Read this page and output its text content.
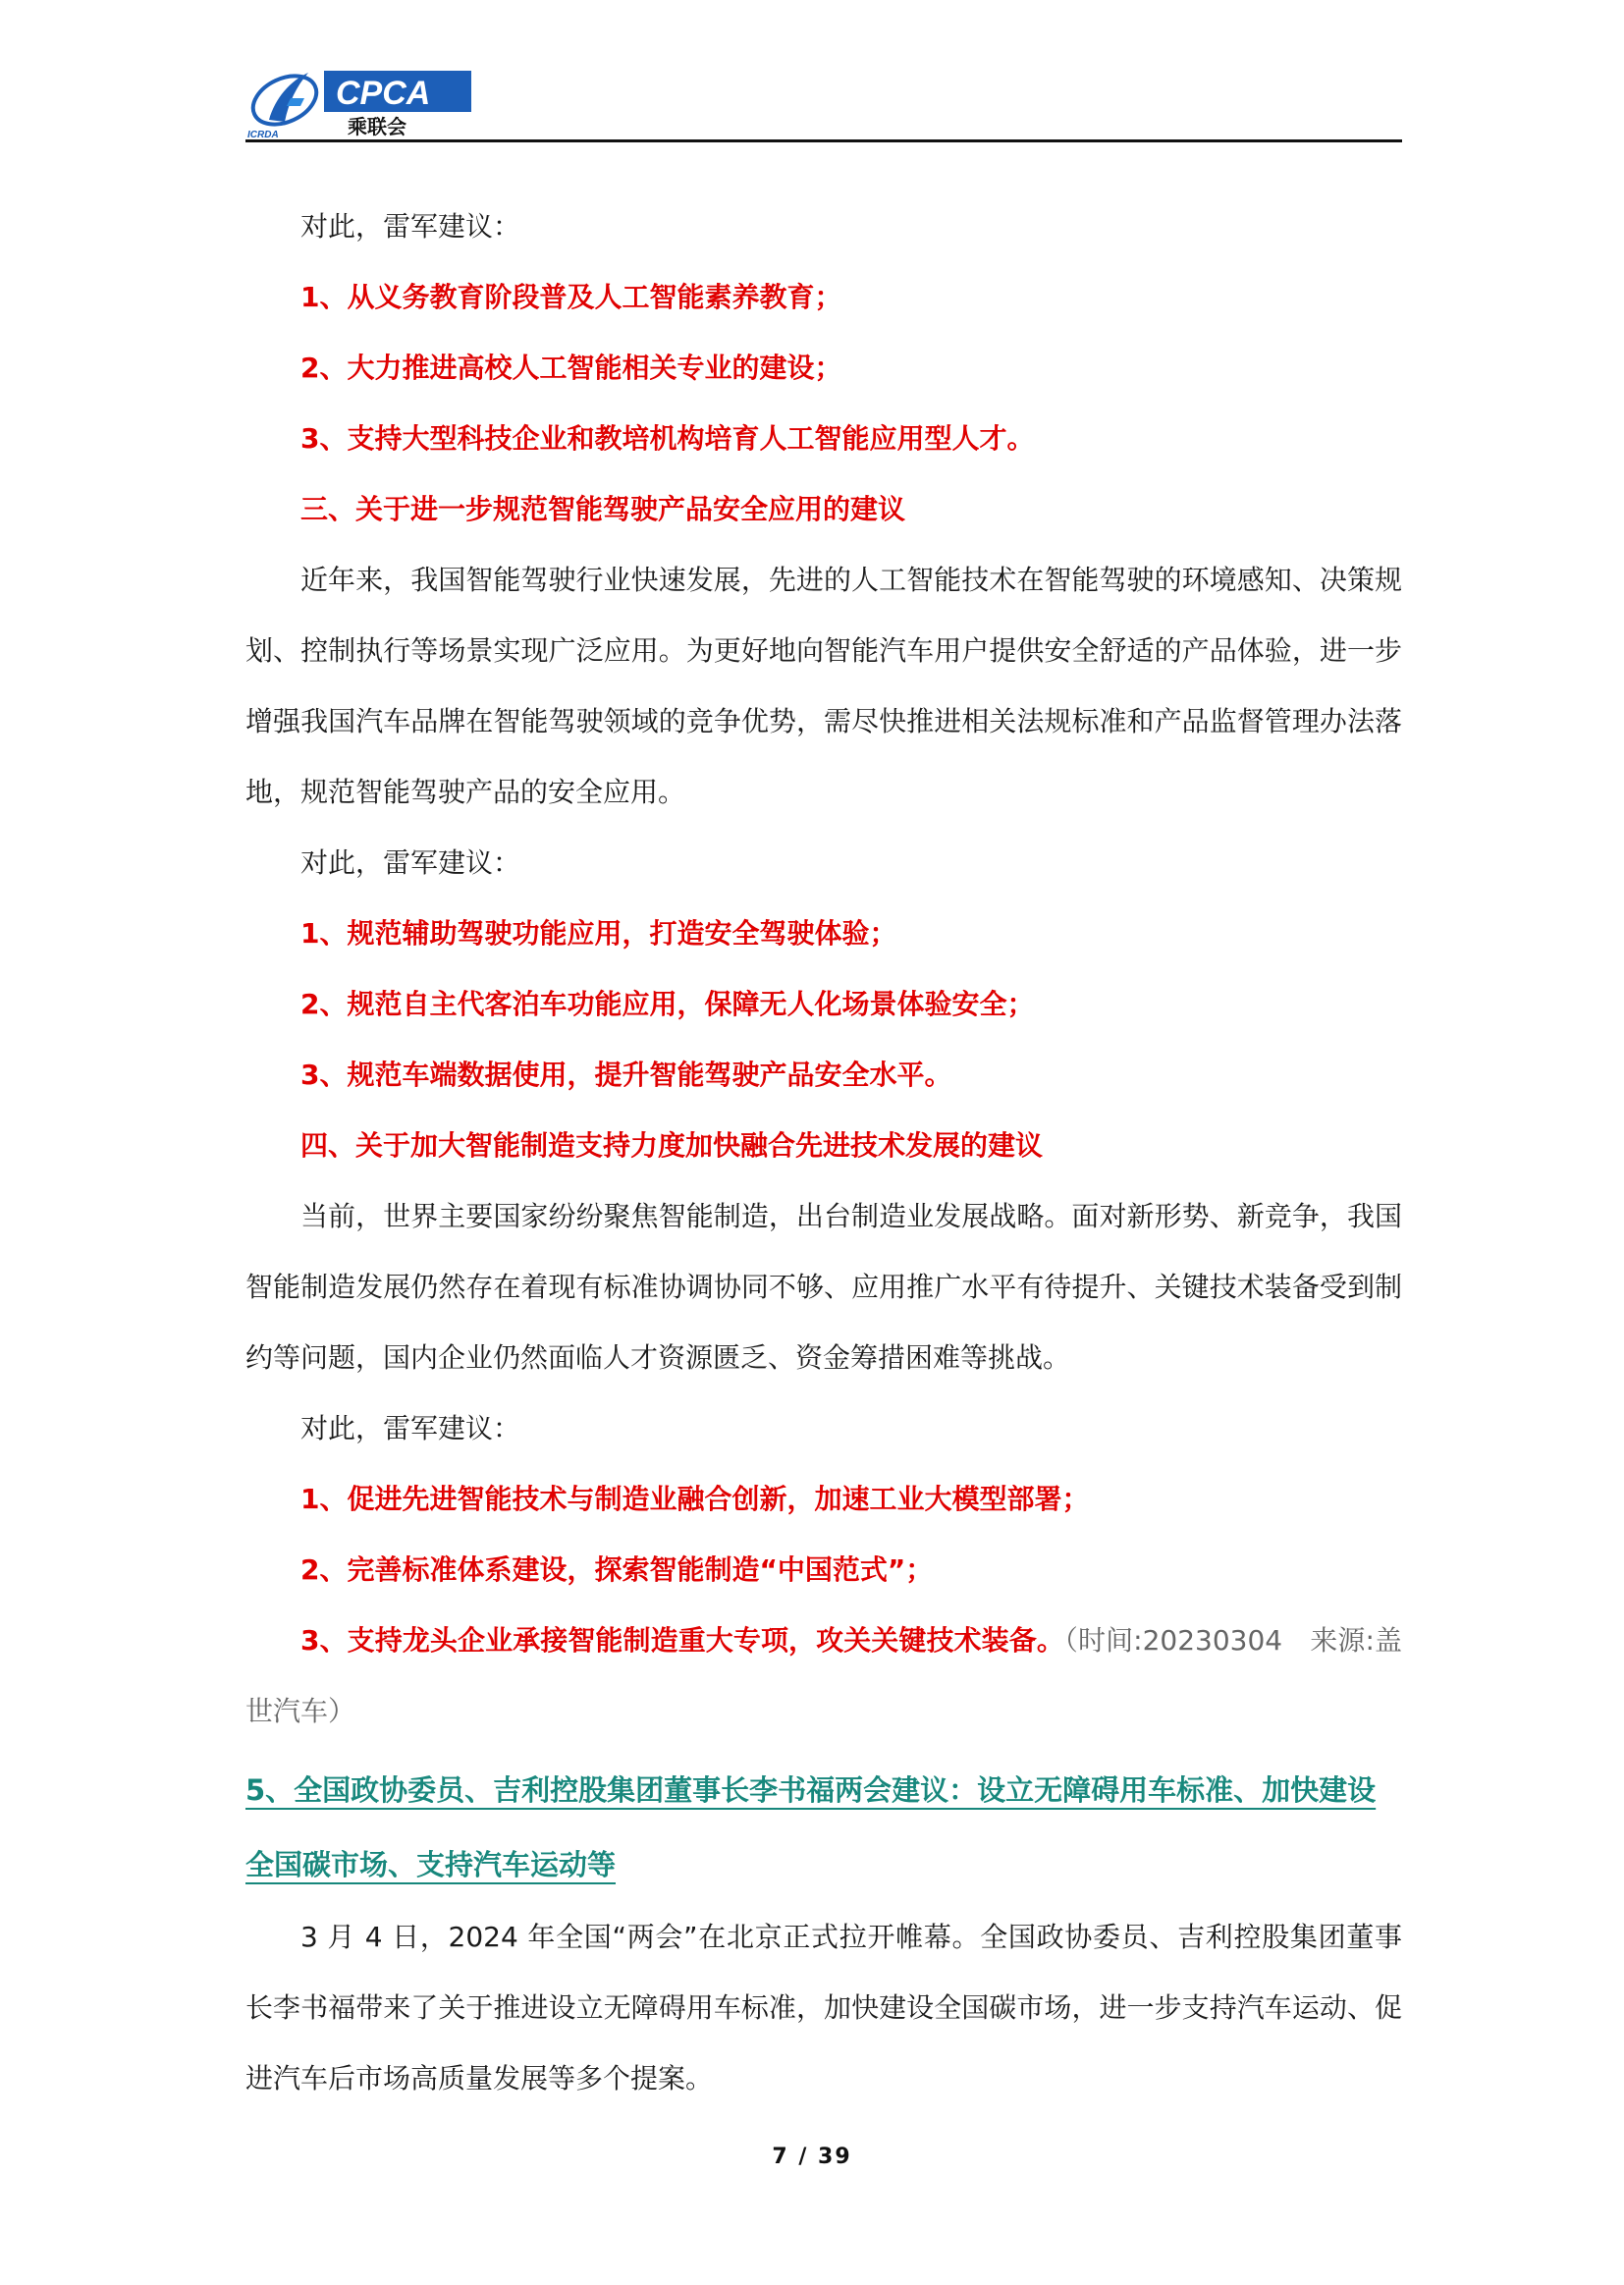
CPCA
乘联会
ICRDA

对此，雷军建议：

1、从义务教育阶段普及人工智能素养教育；

2、大力推进高校人工智能相关专业的建设；

3、支持大型科技企业和教培机构培育人工智能应用型人才。

三、关于进一步规范智能驾驶产品安全应用的建议

近年来，我国智能驾驶行业快速发展，先进的人工智能技术在智能驾驶的环境感知、决策规划、控制执行等场景实现广泛应用。为更好地向智能汽车用户提供安全舒适的产品体验，进一步增强我国汽车品牌在智能驾驶领域的竞争优势，需尽快推进相关法规标准和产品监督管理办法落地，规范智能驾驶产品的安全应用。

对此，雷军建议：

1、规范辅助驾驶功能应用，打造安全驾驶体验；

2、规范自主代客泊车功能应用，保障无人化场景体验安全；

3、规范车端数据使用，提升智能驾驶产品安全水平。

四、关于加大智能制造支持力度加快融合先进技术发展的建议

当前，世界主要国家纷纷聚焦智能制造，出台制造业发展战略。面对新形势、新竞争，我国智能制造发展仍然存在着现有标准协调协同不够、应用推广水平有待提升、关键技术装备受到制约等问题，国内企业仍然面临人才资源匮乏、资金筹措困难等挑战。

对此，雷军建议：

1、促进先进智能技术与制造业融合创新，加速工业大模型部署；

2、完善标准体系建设，探索智能制造“中国范式”；

3、支持龙头企业承接智能制造重大专项，攻关关键技术装备。（时间:20230304　来源:盖世汽车）

5、全国政协委员、吉利控股集团董事长李书福两会建议：设立无障碍用车标准、加快建设全国碳市场、支持汽车运动等

3 月 4 日，2024 年全国“两会”在北京正式拉开帷幕。全国政协委员、吉利控股集团董事长李书福带来了关于推进设立无障碍用车标准，加快建设全国碳市场，进一步支持汽车运动、促进汽车后市场高质量发展等多个提案。

7 / 39
